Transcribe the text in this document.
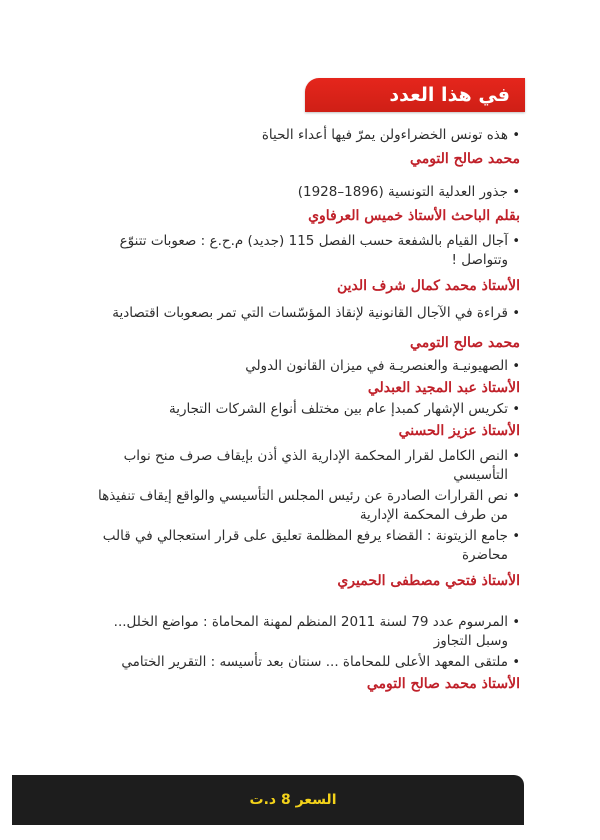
في هذا العدد
•
هذه تونس الخضراءولن يمرّ فيها أعداء الحياة
محمد صالح التومي
•
جذور العدلية التونسية (1896–1928)
بقلم الباحث الأستاذ خميس العرفاوي
•
آجال القيام بالشفعة حسب الفصل 115 (جديد) م.ح.ع : صعوبات تتنوّع وتتواصل !
الأستاذ محمد كمال شرف الدين
•
قراءة في الآجال القانونية لإنقاذ المؤسّسات التي تمر بصعوبات اقتصادية
محمد صالح التومي
•
الصهيونيـة والعنصريـة في ميزان القانون الدولي
الأستاذ عبد المجيد العبدلي
•
تكريس الإشهار كمبدإ عام بين مختلف أنواع الشركات التجارية
الأستاذ عزيز الحسني
•
النص الكامل لقرار المحكمة الإدارية الذي أذن بإيقاف صرف منح نواب التأسيسي
•
نص القرارات الصادرة عن رئيس المجلس التأسيسي والواقع إيقاف تنفيذها من طرف المحكمة الإدارية
•
جامع الزيتونة : القضاء يرفع المظلمة تعليق على قرار استعجالي في قالب محاضرة
الأستاذ فتحي مصطفى الحميري
•
المرسوم عدد 79 لسنة 2011 المنظم لمهنة المحاماة : مواضع الخلل... وسبل التجاوز
•
ملتقى المعهد الأعلى للمحاماة ... سنتان بعد تأسيسه : التقرير الختامي
الأستاذ محمد صالح التومي
السعر 8 د.ت
